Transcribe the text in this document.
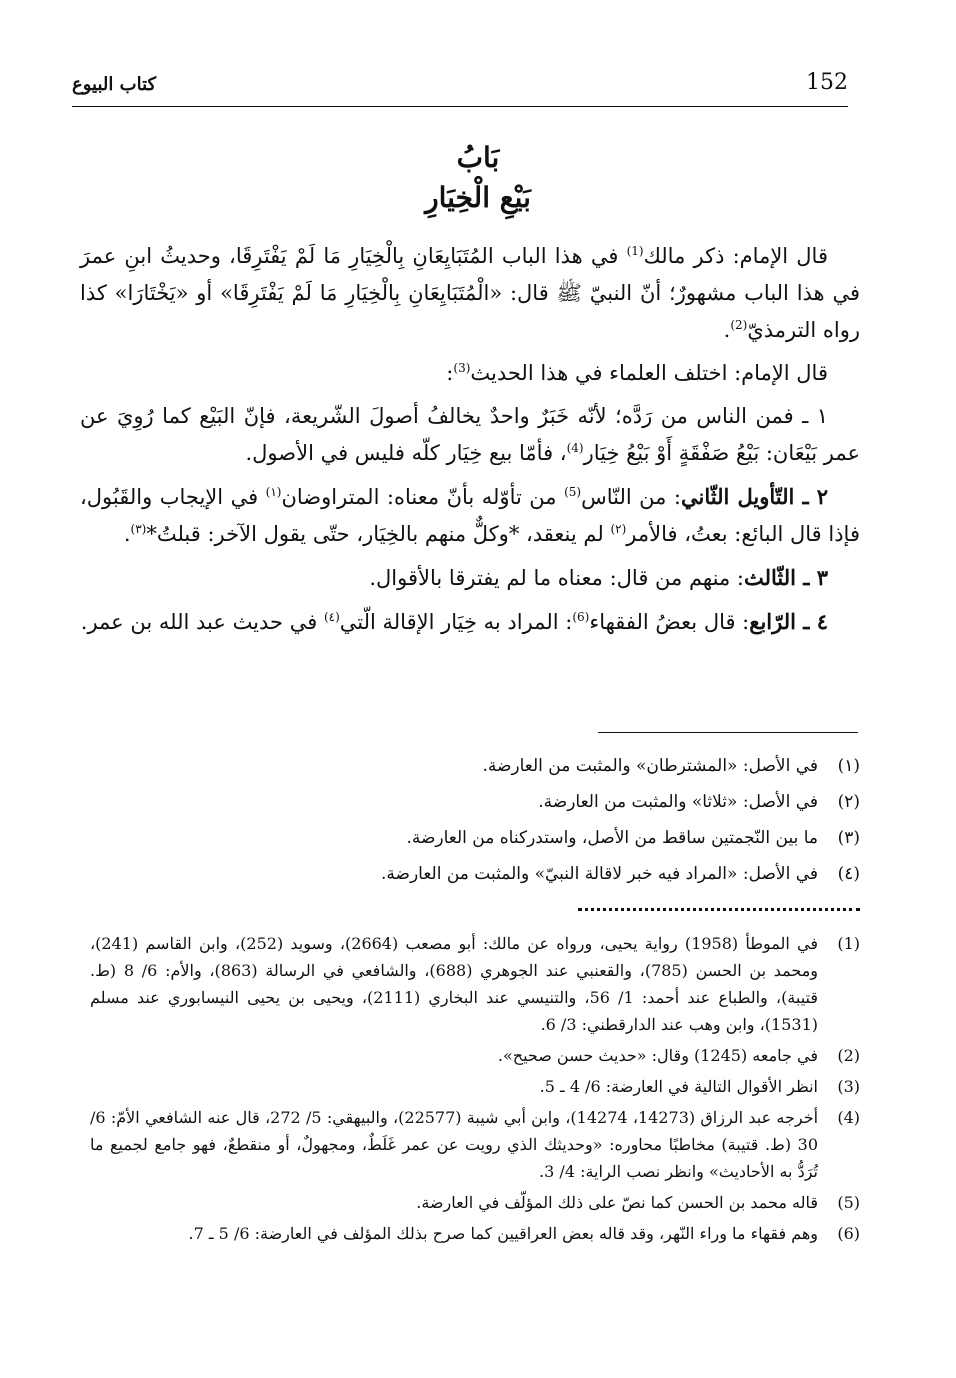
152
كتاب البيوع
بَابُ
بَيْعِ الْخِيَارِ

قال الإمام: ذكر مالك$^{(1)}$ في هذا الباب المُتَبَايِعَانِ بِالْخِيَارِ مَا لَمْ يَفْتَرِقَا، وحديثُ ابنِ عمرَ في هذا الباب مشهورٌ؛ أنّ النبيّ ﷺ قال: «الْمُتَبَايِعَانِ بِالْخِيَارِ مَا لَمْ يَفْتَرِقَا» أو «يَخْتَارَا» كذا رواه الترمذيّ$^{(2)}$.

قال الإمام: اختلف العلماء في هذا الحديث$^{(3)}$:

١ ـ فمن الناس من رَدَّه؛ لأنّه خَبَرٌ واحدٌ يخالفُ أصولَ الشّريعة، فإنّ البَيْع كما رُوِيَ عن عمر بَيْعَان: بَيْعُ صَفْقَةٍ أَوْ بَيْعُ خِيَار$^{(4)}$، فأمّا بيع خِيَار كلّه فليس في الأصول.

٢ ـ التّأويل الثّاني: من النّاس$^{(5)}$ من تأوّله بأنّ معناه: المتراوضان$^{(١)}$ في الإيجاب والقَبُول، فإذا قال البائع: بعتُ، فالأمر$^{(٢)}$ لم ينعقد، *وكلٌّ منهم بالخِيَار، حتّى يقول الآخر: قبلتُ*$^{(٣)}$.

٣ ـ الثّالث: منهم من قال: معناه ما لم يفترقا بالأقوال.

٤ ـ الرّابع: قال بعضُ الفقهاء$^{(6)}$: المراد به خِيَار الإقالة الّتي$^{(٤)}$ في حديث عبد الله بن عمر.

(١)
في الأصل: «المشترطان» والمثبت من العارضة.
(٢)
في الأصل: «ثلاثا» والمثبت من العارضة.
(٣)
ما بين النّجمتين ساقط من الأصل، واستدركناه من العارضة.
(٤)
في الأصل: «المراد فيه خبر لاقالة النبيّ» والمثبت من العارضة.
(1)
في الموطأ (1958) رواية يحيى، ورواه عن مالك: أبو مصعب (2664)، وسويد (252)، وابن القاسم (241)، ومحمد بن الحسن (785)، والقعنبي عند الجوهري (688)، والشافعي في الرسالة (863)، والأم: 6/ 8 (ط. قتيبة)، والطباع عند أحمد: 1/ 56، والتنيسي عند البخاري (2111)، ويحيى بن يحيى النيسابوري عند مسلم (1531)، وابن وهب عند الدارقطني: 3/ 6.
(2)
في جامعه (1245) وقال: «حديث حسن صحيح».
(3)
انظر الأقوال التالية في العارضة: 6/ 4 ـ 5.
(4)
أخرجه عبد الرزاق (14273، 14274)، وابن أبي شيبة (22577)، والبيهقي: 5/ 272، قال عنه الشافعي الأمّ: 6/ 30 (ط. قتيبة) مخاطبًا محاوره: «وحديثك الذي رويت عن عمر غَلَطٌ، ومجهولٌ، أو منقطعٌ، فهو جامع لجميع ما تُرَدُّ به الأحاديث» وانظر نصب الراية: 4/ 3.
(5)
قاله محمد بن الحسن كما نصّ على ذلك المؤلّف في العارضة.
(6)
وهم فقهاء ما وراء النّهر، وقد قاله بعض العراقيين كما صرح بذلك المؤلف في العارضة: 6/ 5 ـ 7.
